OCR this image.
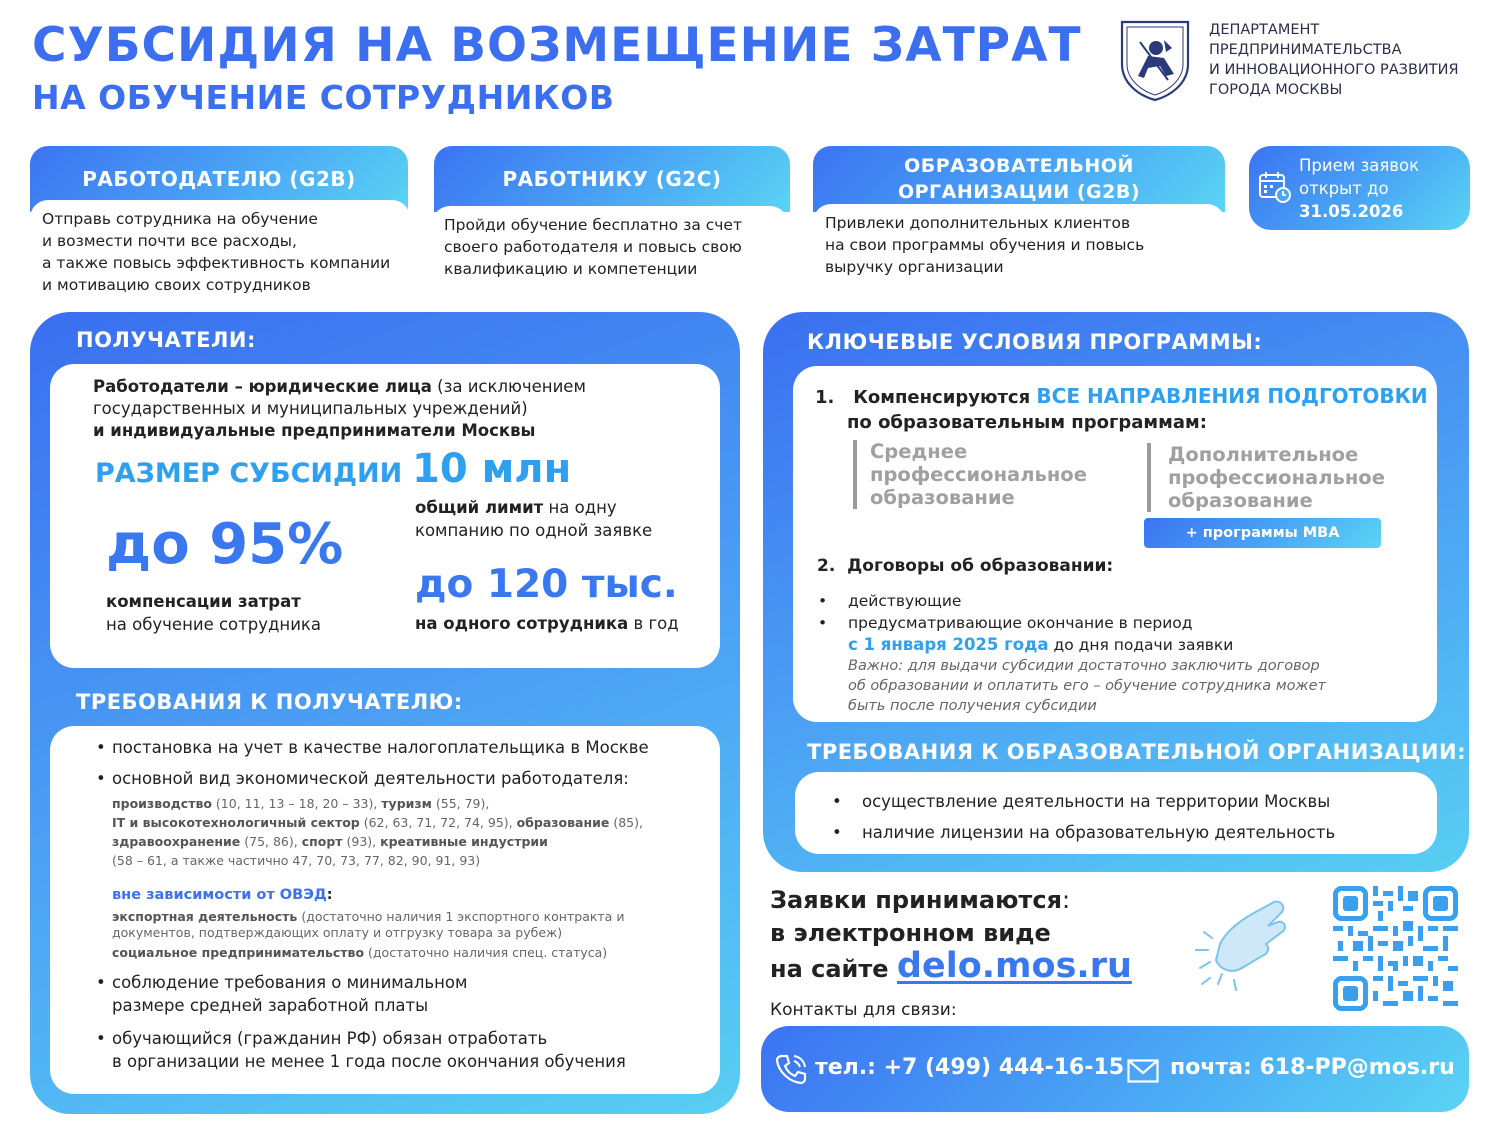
СУБСИДИЯ НА ВОЗМЕЩЕНИЕ ЗАТРАТ
НА ОБУЧЕНИЕ СОТРУДНИКОВ
ДЕПАРТАМЕНТ
ПРЕДПРИНИМАТЕЛЬСТВА
И ИННОВАЦИОННОГО РАЗВИТИЯ
ГОРОДА МОСКВЫ
РАБОТОДАТЕЛЮ (G2B)
Отправь сотрудника на обучение
и возмести почти все расходы,
а также повысь эффективность компании
и мотивацию своих сотрудников
РАБОТНИКУ (G2C)
Пройди обучение бесплатно за счет
своего работодателя и повысь свою
квалификацию и компетенции
ОБРАЗОВАТЕЛЬНОЙ
ОРГАНИЗАЦИИ (G2B)
Привлеки дополнительных клиентов
на свои программы обучения и повысь
выручку организации
Прием заявок
открыт до
31.05.2026
ПОЛУЧАТЕЛИ:
Работодатели – юридические лица (за исключением
государственных и муниципальных учреждений)
и индивидуальные предприниматели Москвы
РАЗМЕР СУБСИДИИ 10 млн
общий лимит на одну
компанию по одной заявке
до 95%
компенсации затрат
на обучение сотрудника
до 120 тыс.
на одного сотрудника в год
ТРЕБОВАНИЯ К ПОЛУЧАТЕЛЮ:
• постановка на учет в качестве налогоплательщика в Москве
• основной вид экономической деятельности работодателя:
производство (10, 11, 13 – 18, 20 – 33), туризм (55, 79),
IT и высокотехнологичный сектор (62, 63, 71, 72, 74, 95), образование (85),
здравоохранение (75, 86), спорт (93), креативные индустрии
(58 – 61, а также частично 47, 70, 73, 77, 82, 90, 91, 93)
вне зависимости от ОВЭД:
экспортная деятельность (достаточно наличия 1 экспортного контракта и
документов, подтверждающих оплату и отгрузку товара за рубеж)
социальное предпринимательство (достаточно наличия спец. статуса)
• соблюдение требования о минимальном
размере средней заработной платы
• обучающийся (гражданин РФ) обязан отработать
в организации не менее 1 года после окончания обучения
КЛЮЧЕВЫЕ УСЛОВИЯ ПРОГРАММЫ:
1. Компенсируются ВСЕ НАПРАВЛЕНИЯ ПОДГОТОВКИ
по образовательным программам:
Среднее
профессиональное
образование
Дополнительное
профессиональное
образование
+ программы MBA
2. Договоры об образовании:
• действующие
• предусматривающие окончание в период
с 1 января 2025 года до дня подачи заявки
Важно: для выдачи субсидии достаточно заключить договор
об образовании и оплатить его – обучение сотрудника может
быть после получения субсидии
ТРЕБОВАНИЯ К ОБРАЗОВАТЕЛЬНОЙ ОРГАНИЗАЦИИ:
• осуществление деятельности на территории Москвы
• наличие лицензии на образовательную деятельность
Заявки принимаются:
в электронном виде
на сайте delo.mos.ru
Контакты для связи:
тел.: +7 (499) 444-16-15 почта: 618-PP@mos.ru
